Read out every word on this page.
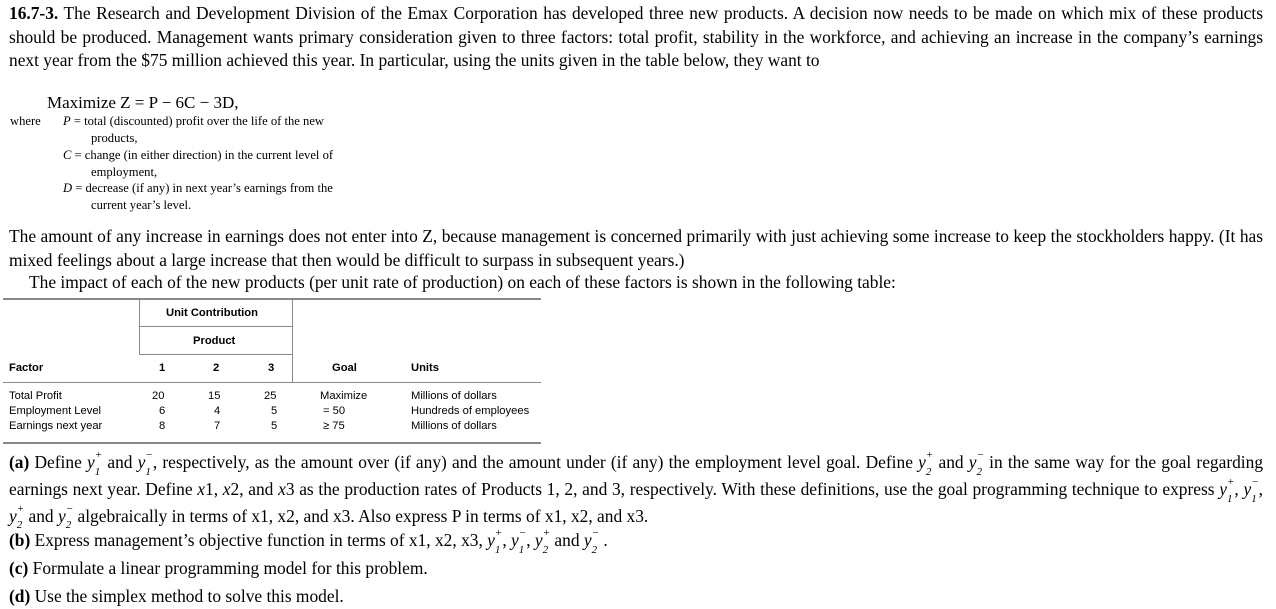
16.7-3. The Research and Development Division of the Emax Corporation has developed three new products. A decision now needs to be made on which mix of these products should be produced. Management wants primary consideration given to three factors: total profit, stability in the workforce, and achieving an increase in the company’s earnings next year from the $75 million achieved this year. In particular, using the units given in the table below, they want to

Maximize Z = P − 6C − 3D,
where P = total (discounted) profit over the life of the new
products,
C = change (in either direction) in the current level of
employment,
D = decrease (if any) in next year’s earnings from the
current year’s level.

The amount of any increase in earnings does not enter into Z, because management is concerned primarily with just achieving some increase to keep the stockholders happy. (It has mixed feelings about a large increase that then would be difficult to surpass in subsequent years.)

The impact of each of the new products (per unit rate of production) on each of these factors is shown in the following table:
Unit Contribution
Product
Factor	1	2	3	Goal	Units
Total Profit	20	15	25	Maximize	Millions of dollars
Employment Level	6	4	5	= 50	Hundreds of employees
Earnings next year	8	7	5	≥ 75	Millions of dollars

(a) Define y+
$_1$ and y−
$_1$ , respectively, as the amount over (if any) and the amount under (if any) the employment level goal. Define y+
$_2$ and y−
$_2$ in the same way for the goal regarding earnings next year. Define x1, x2, and x3 as the production rates of Products 1, 2, and 3, respectively. With these definitions, use the goal programming technique to express y+
$_1$ , y−
$_1$ , y+
$_2$ and y−
$_2$ algebraically in terms of x1, x2, and x3. Also express P in terms of x1, x2, and x3.

(b) Express management’s objective function in terms of x1, x2, x3, y+
$_1$ , y−
$_1$ , y+
$_2$ and y−
$_2$ .

(c) Formulate a linear programming model for this problem.

(d) Use the simplex method to solve this model.
